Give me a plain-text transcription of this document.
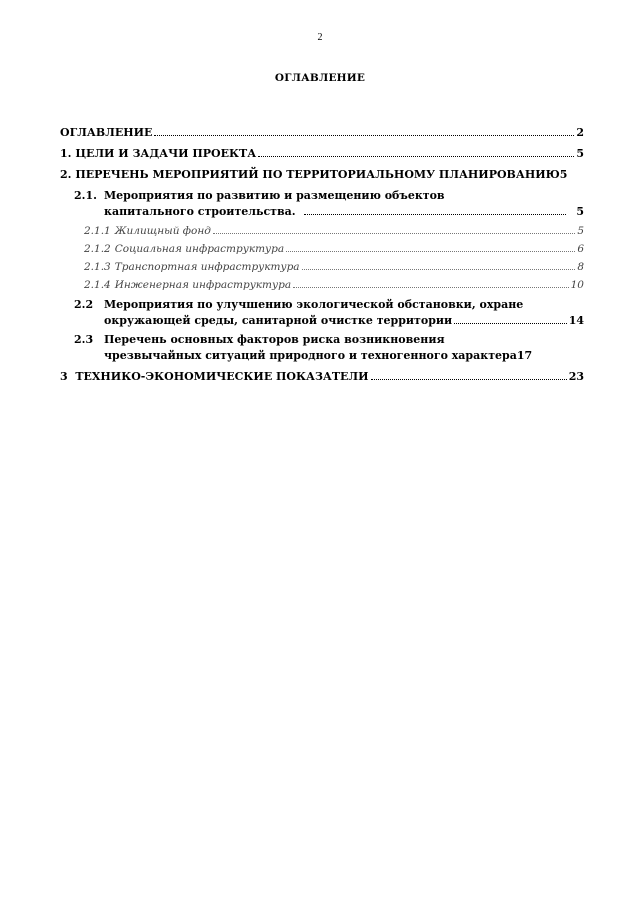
2
ОГЛАВЛЕНИЕ
ОГЛАВЛЕНИЕ	2
1. ЦЕЛИ И ЗАДАЧИ ПРОЕКТА	5
2. ПЕРЕЧЕНЬ МЕРОПРИЯТИЙ ПО ТЕРРИТОРИАЛЬНОМУ ПЛАНИРОВАНИЮ 5
2.1. Мероприятия по развитию и размещению объектов
капитального строительства.	5
2.1.1 Жилищный фонд	5
2.1.2 Социальная инфраструктура	6
2.1.3 Транспортная инфраструктура	8
2.1.4 Инженерная инфраструктура	10
2.2 Мероприятия по улучшению экологической обстановки, охране
окружающей среды, санитарной очистке территории	14
2.3 Перечень основных факторов риска возникновения
чрезвычайных ситуаций природного и техногенного характера 17
3  ТЕХНИКО-ЭКОНОМИЧЕСКИЕ ПОКАЗАТЕЛИ	23
